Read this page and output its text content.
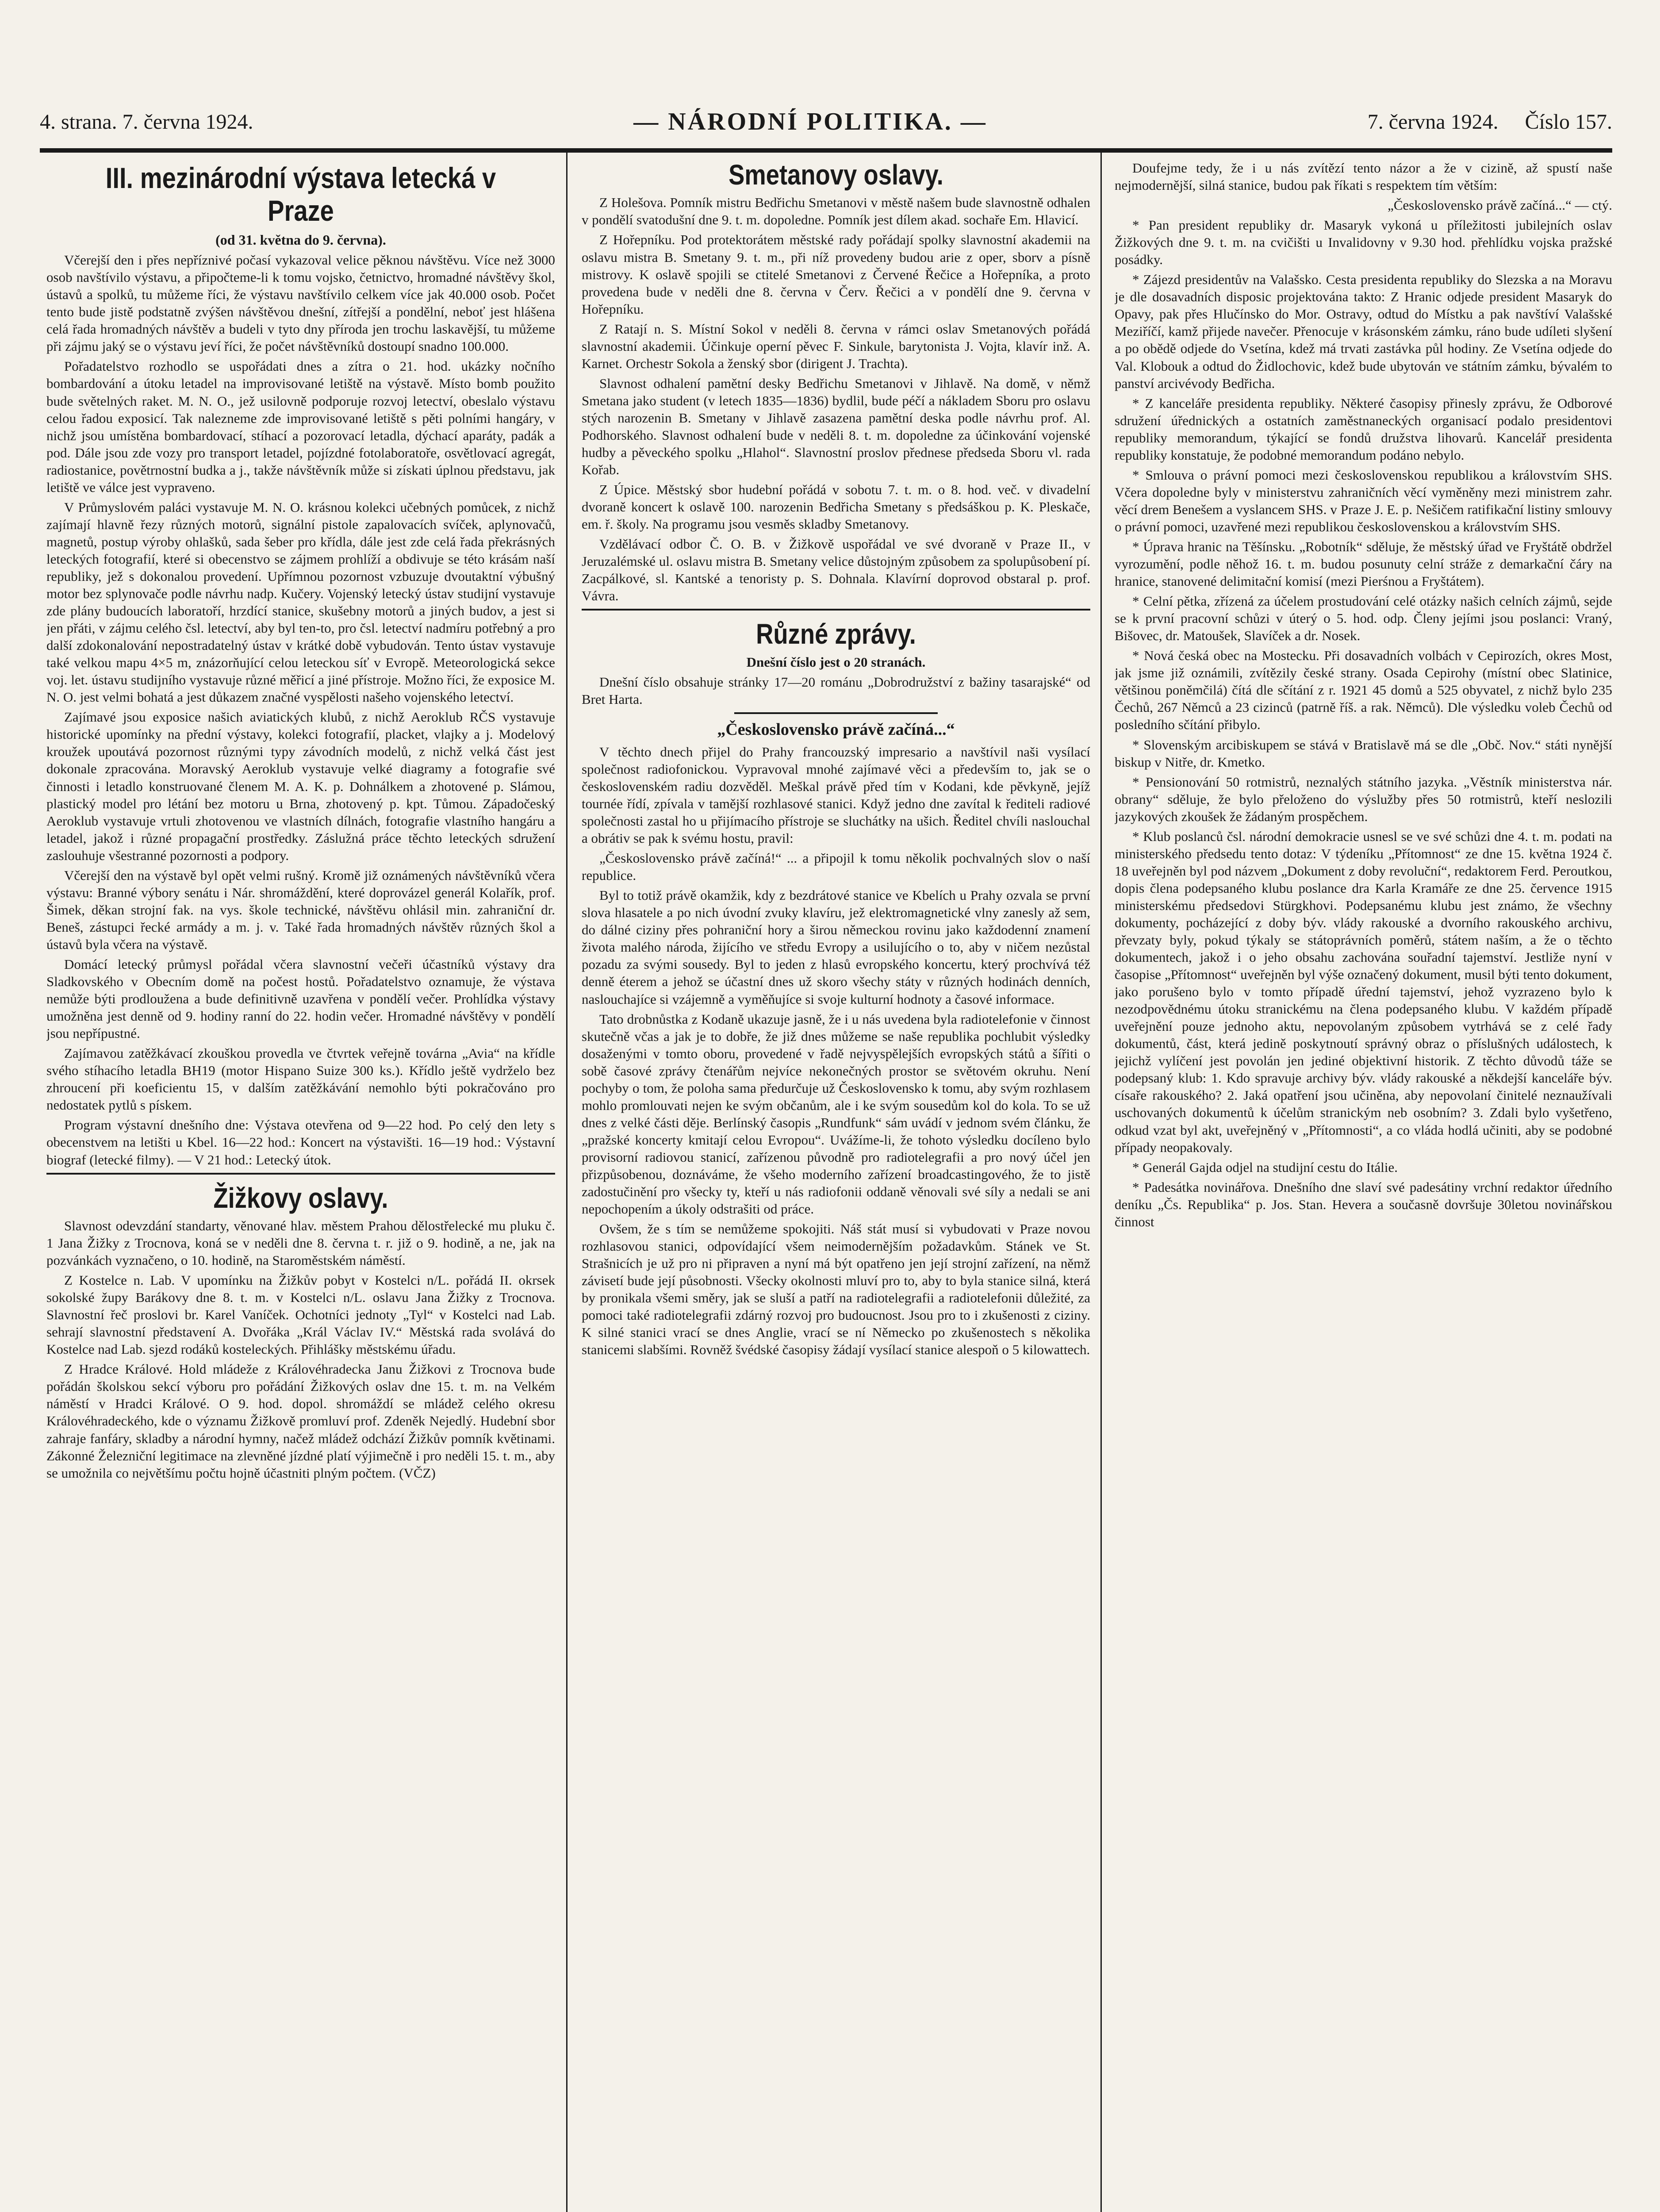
4. strana. 7. června 1924.	— NÁRODNÍ POLITIKA. —	7. června 1924. Číslo 157.
III. mezinárodní výstava letecká v Praze
(od 31. května do 9. června).

Včerejší den i přes nepříznivé počasí vykazoval velice pěknou návštěvu. Více než 3000 osob navštívilo výstavu, a připočteme-li k tomu vojsko, četnictvo, hromadné návštěvy škol, ústavů a spolků, tu můžeme říci, že výstavu navštívilo celkem více jak 40.000 osob. Počet tento bude jistě podstatně zvýšen návštěvou dnešní, zítřejší a pondělní, neboť jest hlášena celá řada hromadných návštěv a budeli v tyto dny příroda jen trochu laskavější, tu můžeme při zájmu jaký se o výstavu jeví říci, že počet návštěvníků dostoupí snadno 100.000.

Pořadatelstvo rozhodlo se uspořádati dnes a zítra o 21. hod. ukázky nočního bombardování a útoku letadel na improvisované letiště na výstavě. Místo bomb použito bude světelných raket. M. N. O., jež usilovně podporuje rozvoj letectví, obeslalo výstavu celou řadou exposicí. Tak nalezneme zde improvisované letiště s pěti polními hangáry, v nichž jsou umístěna bombardovací, stíhací a pozorovací letadla, dýchací aparáty, padák a pod. Dále jsou zde vozy pro transport letadel, pojízdné fotolaboratoře, osvětlovací agregát, radiostanice, povětrnostní budka a j., takže návštěvník může si získati úplnou představu, jak letiště ve válce jest vypraveno.

V Průmyslovém paláci vystavuje M. N. O. krásnou kolekci učebných pomůcek, z nichž zajímají hlavně řezy různých motorů, signální pistole zapalovacích svíček, aplynovačů, magnetů, postup výroby ohlašků, sada šeber pro křídla, dále jest zde celá řada překrásných leteckých fotografií, které si obecenstvo se zájmem prohlíží a obdivuje se této krásám naší republiky, jež s dokonalou provedení. Upřímnou pozornost vzbuzuje dvoutaktní výbušný motor bez splynovače podle návrhu nadp. Kučery. Vojenský letecký ústav studijní vystavuje zde plány budoucích laboratoří, hrzdící stanice, skušebny motorů a jiných budov, a jest si jen přáti, v zájmu celého čsl. letectví, aby byl ten-to, pro čsl. letectví nadmíru potřebný a pro další zdokonalování nepostradatelný ústav v krátké době vybudován. Tento ústav vystavuje také velkou mapu 4×5 m, znázorňující celou leteckou síť v Evropě. Meteorologická sekce voj. let. ústavu studijního vystavuje různé měřicí a jiné přístroje. Možno říci, že exposice M. N. O. jest velmi bohatá a jest důkazem značné vyspělosti našeho vojenského letectví.

Zajímavé jsou exposice našich aviatických klubů, z nichž Aeroklub RČS vystavuje historické upomínky na přední výstavy, kolekci fotografií, placket, vlajky a j. Modelový kroužek upoutává pozornost různými typy závodních modelů, z nichž velká část jest dokonale zpracována. Moravský Aeroklub vystavuje velké diagramy a fotografie své činnosti i letadlo konstruované členem M. A. K. p. Dohnálkem a zhotovené p. Slámou, plastický model pro létání bez motoru u Brna, zhotovený p. kpt. Tůmou. Západočeský Aeroklub vystavuje vrtuli zhotovenou ve vlastních dílnách, fotografie vlastního hangáru a letadel, jakož i různé propagační prostředky. Záslužná práce těchto leteckých sdružení zaslouhuje všestranné pozornosti a podpory.

Včerejší den na výstavě byl opět velmi rušný. Kromě již oznámených návštěvníků včera výstavu: Branné výbory senátu i Nár. shromáždění, které doprovázel generál Kolařík, prof. Šimek, děkan strojní fak. na vys. škole technické, návštěvu ohlásil min. zahraniční dr. Beneš, zástupci řecké armády a m. j. v. Také řada hromadných návštěv různých škol a ústavů byla včera na výstavě.

Domácí letecký průmysl pořádal včera slavnostní večeři účastníků výstavy dra Sladkovského v Obecním domě na počest hostů. Pořadatelstvo oznamuje, že výstava nemůže býti prodloužena a bude definitivně uzavřena v pondělí večer. Prohlídka výstavy umožněna jest denně od 9. hodiny ranní do 22. hodin večer. Hromadné návštěvy v pondělí jsou nepřípustné.

Zajímavou zatěžkávací zkouškou provedla ve čtvrtek veřejně továrna „Avia“ na křídle svého stíhacího letadla BH19 (motor Hispano Suize 300 ks.). Křídlo ještě vydrželo bez zhroucení při koeficientu 15, v dalším zatěžkávání nemohlo býti pokračováno pro nedostatek pytlů s pískem.

Program výstavní dnešního dne: Výstava otevřena od 9—22 hod. Po celý den lety s obecenstvem na letišti u Kbel. 16—22 hod.: Koncert na výstavišti. 16—19 hod.: Výstavní biograf (letecké filmy). — V 21 hod.: Letecký útok.

Žižkovy oslavy.

Slavnost odevzdání standarty, věnované hlav. městem Prahou dělostřelecké mu pluku č. 1 Jana Žižky z Trocnova, koná se v neděli dne 8. června t. r. již o 9. hodině, a ne, jak na pozvánkách vyznačeno, o 10. hodině, na Staroměstském náměstí.

Z Kostelce n. Lab. V upomínku na Žižkův pobyt v Kostelci n/L. pořádá II. okrsek sokolské župy Barákovy dne 8. t. m. v Kostelci n/L. oslavu Jana Žižky z Trocnova. Slavnostní řeč proslovi br. Karel Vaníček. Ochotníci jednoty „Tyl“ v Kostelci nad Lab. sehrají slavnostní představení A. Dvořáka „Král Václav IV.“ Městská rada svolává do Kostelce nad Lab. sjezd rodáků kosteleckých. Přihlášky městskému úřadu.

Z Hradce Králové. Hold mládeže z Královéhradecka Janu Žižkovi z Trocnova bude pořádán školskou sekcí výboru pro pořádání Žižkových oslav dne 15. t. m. na Velkém náměstí v Hradci Králové. O 9. hod. dopol. shromáždí se mládež celého okresu Královéhradeckého, kde o významu Žižkově promluví prof. Zdeněk Nejedlý. Hudební sbor zahraje fanfáry, skladby a národní hymny, načež mládež odchází Žižkův pomník květinami. Zákonné Železniční legitimace na zlevněné jízdné platí výjimečně i pro neděli 15. t. m., aby se umožnila co největšímu počtu hojně účastniti plným počtem. (VČZ)

Smetanovy oslavy.

Z Holešova. Pomník mistru Bedřichu Smetanovi v městě našem bude slavnostně odhalen v pondělí svatodušní dne 9. t. m. dopoledne. Pomník jest dílem akad. sochaře Em. Hlavicí.

Z Hořepníku. Pod protektorátem městské rady pořádají spolky slavnostní akademii na oslavu mistra B. Smetany 9. t. m., při níž provedeny budou arie z oper, sborv a písně mistrovy. K oslavě spojili se ctitelé Smetanovi z Červené Řečice a Hořepníka, a proto provedena bude v neděli dne 8. června v Červ. Řečici a v pondělí dne 9. června v Hořepníku.

Z Ratají n. S. Místní Sokol v neděli 8. června v rámci oslav Smetanových pořádá slavnostní akademii. Účinkuje operní pěvec F. Sinkule, barytonista J. Vojta, klavír inž. A. Karnet. Orchestr Sokola a ženský sbor (dirigent J. Trachta).

Slavnost odhalení pamětní desky Bedřichu Smetanovi v Jihlavě. Na domě, v němž Smetana jako student (v letech 1835—1836) bydlil, bude péčí a nákladem Sboru pro oslavu stých narozenin B. Smetany v Jihlavě zasazena pamětní deska podle návrhu prof. Al. Podhorského. Slavnost odhalení bude v neděli 8. t. m. dopoledne za účinkování vojenské hudby a pěveckého spolku „Hlahol“. Slavnostní proslov přednese předseda Sboru vl. rada Kořab.

Z Úpice. Městský sbor hudební pořádá v sobotu 7. t. m. o 8. hod. več. v divadelní dvoraně koncert k oslavě 100. narozenin Bedřicha Smetany s předsáškou p. K. Pleskače, em. ř. školy. Na programu jsou vesměs skladby Smetanovy.

Vzdělávací odbor Č. O. B. v Žižkově uspořádal ve své dvoraně v Praze II., v Jeruzalémské ul. oslavu mistra B. Smetany velice důstojným způsobem za spolupůsobení pí. Zacpálkové, sl. Kantské a tenoristy p. S. Dohnala. Klavírní doprovod obstaral p. prof. Vávra.

Různé zprávy.

Dnešní číslo jest o 20 stranách.

Dnešní číslo obsahuje stránky 17—20 románu „Dobrodružství z bažiny tasarajské“ od Bret Harta.

„Československo právě začíná...“

V těchto dnech přijel do Prahy francouzský impresario a navštívil naši vysílací společnost radiofonickou. Vypravoval mnohé zajímavé věci a především to, jak se o československém radiu dozvěděl. Meškal právě před tím v Kodani, kde pěvkyně, jejíž tournée řídí, zpívala v tamější rozhlasové stanici. Když jedno dne zavítal k řediteli radiové společnosti zastal ho u přijímacího přístroje se sluchátky na ušich. Ředitel chvíli naslouchal a obrátiv se pak k svému hostu, pravil:

„Československo právě začíná!“ ... a připojil k tomu několik pochvalných slov o naší republice.

Byl to totiž právě okamžik, kdy z bezdrátové stanice ve Kbelích u Prahy ozvala se první slova hlasatele a po nich úvodní zvuky klavíru, jež elektromagnetické vlny zanesly až sem, do dálné ciziny přes pohraniční hory a širou německou rovinu jako každodenní znamení života malého národa, žijícího ve středu Evropy a usilujícího o to, aby v ničem nezůstal pozadu za svými sousedy. Byl to jeden z hlasů evropského koncertu, který prochvívá též denně éterem a jehož se účastní dnes už skoro všechy státy v různých hodinách denních, naslouchajíce si vzájemně a vyměňujíce si svoje kulturní hodnoty a časové informace.

Tato drobnůstka z Kodaně ukazuje jasně, že i u nás uvedena byla radiotelefonie v činnost skutečně včas a jak je to dobře, že již dnes můžeme se naše republika pochlubit výsledky dosaženými v tomto oboru, provedené v řadě nejvyspělejších evropských států a šířiti o sobě časové zprávy čtenářům nejvíce nekonečných prostor se světovém okruhu. Není pochyby o tom, že poloha sama předurčuje už Československo k tomu, aby svým rozhlasem mohlo promlouvati nejen ke svým občanům, ale i ke svým sousedům kol do kola. To se už dnes z velké části děje. Berlínský časopis „Rundfunk“ sám uvádí v jednom svém článku, že „pražské koncerty kmitají celou Evropou“. Uvážíme-li, že tohoto výsledku docíleno bylo provisorní radiovou stanicí, zařízenou původně pro radiotelegrafii a pro nový účel jen přizpůsobenou, doznáváme, že všeho moderního zařízení broadcastingového, že to jistě zadostučinění pro všecky ty, kteří u nás radiofonii oddaně věnovali své síly a nedali se ani nepochopením a úkoly odstrašiti od práce.

Ovšem, že s tím se nemůžeme spokojiti. Náš stát musí si vybudovati v Praze novou rozhlasovou stanici, odpovídající všem neimodernějším požadavkům. Stánek ve St. Strašnicích je už pro ni připraven a nyní má být opatřeno jen její strojní zařízení, na němž závisetí bude její působnosti. Všecky okolnosti mluví pro to, aby to byla stanice silná, která by pronikala všemi směry, jak se sluší a patří na radiotelegrafii a radiotelefonii důležité, za pomoci také radiotelegrafii zdárný rozvoj pro budoucnost. Jsou pro to i zkušenosti z ciziny. K silné stanici vrací se dnes Anglie, vrací se ní Německo po zkušenostech s několika stanicemi slabšími. Rovněž švédské časopisy žádají vysílací stanice alespoň o 5 kilowattech.

Doufejme tedy, že i u nás zvítězí tento názor a že v cizině, až spustí naše nejmodernější, silná stanice, budou pak říkati s respektem tím větším:

„Československo právě začíná...“ — ctý.

* Pan president republiky dr. Masaryk vykoná u příležitosti jubilejních oslav Žižkových dne 9. t. m. na cvičišti u Invalidovny v 9.30 hod. přehlídku vojska pražské posádky.

* Zájezd presidentův na Valašsko. Cesta presidenta republiky do Slezska a na Moravu je dle dosavadních disposic projektována takto: Z Hranic odjede president Masaryk do Opavy, pak přes Hlučínsko do Mor. Ostravy, odtud do Místku a pak navštíví Valašské Meziříčí, kamž přijede navečer. Přenocuje v krásonském zámku, ráno bude udíleti slyšení a po obědě odjede do Vsetína, kdež má trvati zastávka půl hodiny. Ze Vsetína odjede do Val. Klobouk a odtud do Židlochovic, kdež bude ubytován ve státním zámku, bývalém to panství arcivévody Bedřicha.

* Z kanceláře presidenta republiky. Některé časopisy přinesly zprávu, že Odborové sdružení úřednických a ostatních zaměstnaneckých organisací podalo presidentovi republiky memorandum, týkající se fondů družstva lihovarů. Kancelář presidenta republiky konstatuje, že podobné memorandum podáno nebylo.

* Smlouva o právní pomoci mezi československou republikou a královstvím SHS. Včera dopoledne byly v ministerstvu zahraničních věcí vyměněny mezi ministrem zahr. věcí drem Benešem a vyslancem SHS. v Praze J. E. p. Nešičem ratifikační listiny smlouvy o právní pomoci, uzavřené mezi republikou československou a královstvím SHS.

* Úprava hranic na Těšínsku. „Robotník“ sděluje, že městský úřad ve Fryštátě obdržel vyrozumění, podle něhož 16. t. m. budou posunuty celní stráže z demarkační čáry na hranice, stanovené delimitační komisí (mezi Pierśnou a Fryštátem).

* Celní pětka, zřízená za účelem prostudování celé otázky našich celních zájmů, sejde se k první pracovní schůzi v úterý o 5. hod. odp. Členy jejími jsou poslanci: Vraný, Bišovec, dr. Matoušek, Slavíček a dr. Nosek.

* Nová česká obec na Mostecku. Při dosavadních volbách v Cepirozích, okres Most, jak jsme již oznámili, zvítězily české strany. Osada Cepirohy (místní obec Slatinice, většinou poněmčilá) čítá dle sčítání z r. 1921 45 domů a 525 obyvatel, z nichž bylo 235 Čechů, 267 Němců a 23 cizinců (patrně říš. a rak. Němců). Dle výsledku voleb Čechů od posledního sčítání přibylo.

* Slovenským arcibiskupem se stává v Bratislavě má se dle „Obč. Nov.“ státi nynější biskup v Nitře, dr. Kmetko.

* Pensionování 50 rotmistrů, neznalých státního jazyka. „Věstník ministerstva nár. obrany“ sděluje, že bylo přeloženo do výslužby přes 50 rotmistrů, kteří neslozili jazykových zkoušek že žádaným prospěchem.

* Klub poslanců čsl. národní demokracie usnesl se ve své schůzi dne 4. t. m. podati na ministerského předsedu tento dotaz: V týdeníku „Přítomnost“ ze dne 15. května 1924 č. 18 uveřejněn byl pod názvem „Dokument z doby revoluční“, redaktorem Ferd. Peroutkou, dopis člena podepsaného klubu poslance dra Karla Kramáře ze dne 25. července 1915 ministerskému předsedovi Stürgkhovi. Podepsanému klubu jest známo, že všechny dokumenty, pocházející z doby býv. vlády rakouské a dvorního rakouského archivu, převzaty byly, pokud týkaly se státoprávních poměrů, státem naším, a že o těchto dokumentech, jakož i o jeho obsahu zachována souřadní tajemství. Jestliže nyní v časopise „Přítomnost“ uveřejněn byl výše označený dokument, musil býti tento dokument, jako porušeno bylo v tomto případě úřední tajemství, jehož vyzrazeno bylo k nezodpovědnému útoku stranickému na člena podepsaného klubu. V každém případě uveřejnění pouze jednoho aktu, nepovolaným způsobem vytrhává se z celé řady dokumentů, část, která jedině poskytnoutí správný obraz o příslušných událostech, k jejichž vylíčení jest povolán jen jediné objektivní historik. Z těchto důvodů táže se podepsaný klub: 1. Kdo spravuje archivy býv. vlády rakouské a někdejší kanceláře býv. císaře rakouského? 2. Jaká opatření jsou učiněna, aby nepovolaní činitelé neznaužívali uschovaných dokumentů k účelům stranickým neb osobním? 3. Zdali bylo vyšetřeno, odkud vzat byl akt, uveřejněný v „Přítomnosti“, a co vláda hodlá učiniti, aby se podobné případy neopakovaly.

* Generál Gajda odjel na studijní cestu do Itálie.

* Padesátka novinářova. Dnešního dne slaví své padesátiny vrchní redaktor úředního deníku „Čs. Republika“ p. Jos. Stan. Hevera a současně dovršuje 30letou novinářskou činnost
